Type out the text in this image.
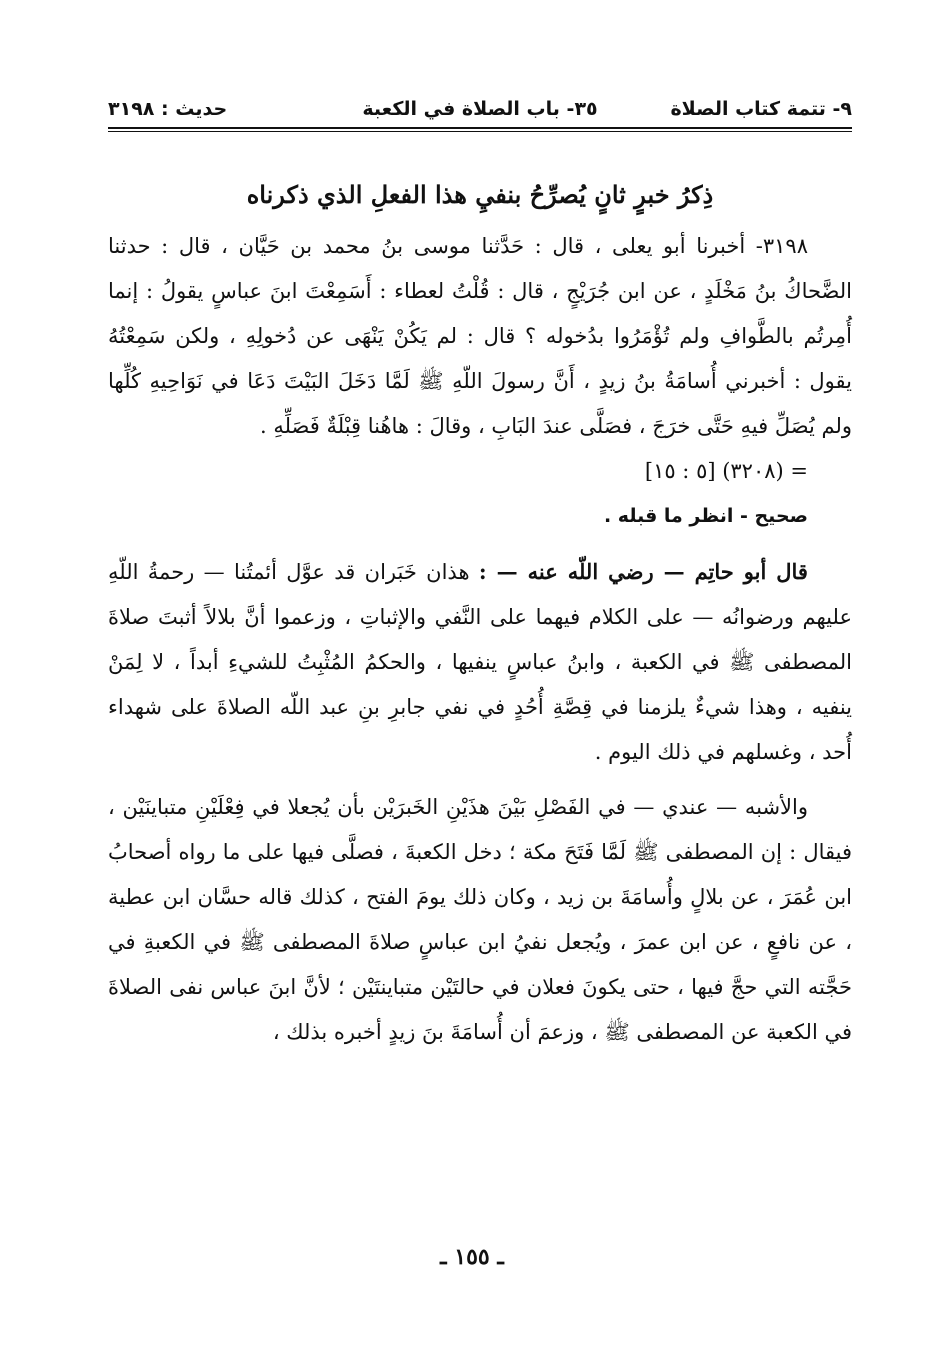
٩- تتمة كتاب الصلاة
٣٥- باب الصلاة في الكعبة
حديث : ٣١٩٨

ذِكرُ خبرٍ ثانٍ يُصرِّحُ بنفيِ هذا الفعلِ الذي ذكرناه

٣١٩٨- أخبرنا أبو يعلى ، قال : حَدَّثنا موسى بنُ محمد بن حَيَّان ، قال : حدثنا الضَّحاكُ بنُ مَخْلَدٍ ، عن ابن جُرَيْجٍ ، قال : قُلْتُ لعطاء : أَسَمِعْتَ ابنَ عباسٍ يقولُ : إنما أُمِرتُم بالطَّوافِ ولم تُؤْمَرُوا بدُخوله ؟ قال : لم يَكُنْ يَنْهَى عن دُخولِهِ ، ولكن سَمِعْتُهُ يقول : أخبرني أُسامَةُ بنُ زيدٍ ، أَنَّ رسولَ اللّهِ ﷺ لَمَّا دَخَلَ البَيْتَ دَعَا في نَوَاحِيهِ كُلِّها ولم يُصَلِّ فيهِ حَتَّى خرَجَ ، فصَلَّى عندَ البَابِ ، وقالَ : هاهُنا قِبْلَةٌ فَصَلِّهِ .

= (٣٢٠٨) [٥ : ١٥]

صحيح - انظر ما قبله .

قال أبو حاتِم — رضي اللّه عنه — : هذان خَبَران قد عوَّل أئمتُنا — رحمةُ اللّهِ عليهم ورضوانُه — على الكلام فيهما على النَّفي والإثباتِ ، وزعموا أنَّ بلالاً أثبتَ صلاةَ المصطفى ﷺ في الكعبة ، وابنُ عباسٍ ينفيها ، والحكمُ المُثْبِتُ للشيءِ أبداً ، لا لِمَنْ ينفيه ، وهذا شيءٌ يلزمنا في قِصَّةِ أُحُدٍ في نفي جابرِ بنِ عبد اللّه الصلاةَ على شهداء أُحد ، وغسلهم في ذلك اليوم .

والأشبه — عندي — في الفَصْلِ بَيْنَ هذَيْنِ الخَبرَيْن بأن يُجعلا في فِعْلَيْنِ متباينَيْن ، فيقال : إن المصطفى ﷺ لَمَّا فَتَحَ مكة ؛ دخل الكعبةَ ، فصلَّى فيها على ما رواه أصحابُ ابن عُمَرَ ، عن بلالٍ وأُسامَةَ بن زيد ، وكان ذلك يومَ الفتح ، كذلك قاله حسَّان ابن عطية ، عن نافعٍ ، عن ابن عمرَ ، ويُجعل نفيُ ابن عباسٍ صلاةَ المصطفى ﷺ في الكعبةِ في حَجَّته التي حجَّ فيها ، حتى يكونَ فعلان في حالتَيْن متباينتَيْن ؛ لأنَّ ابنَ عباس نفى الصلاةَ في الكعبة عن المصطفى ﷺ ، وزعمَ أن أُسامَةَ بنَ زيدٍ أخبره بذلك ،

ـ ١٥٥ ـ
